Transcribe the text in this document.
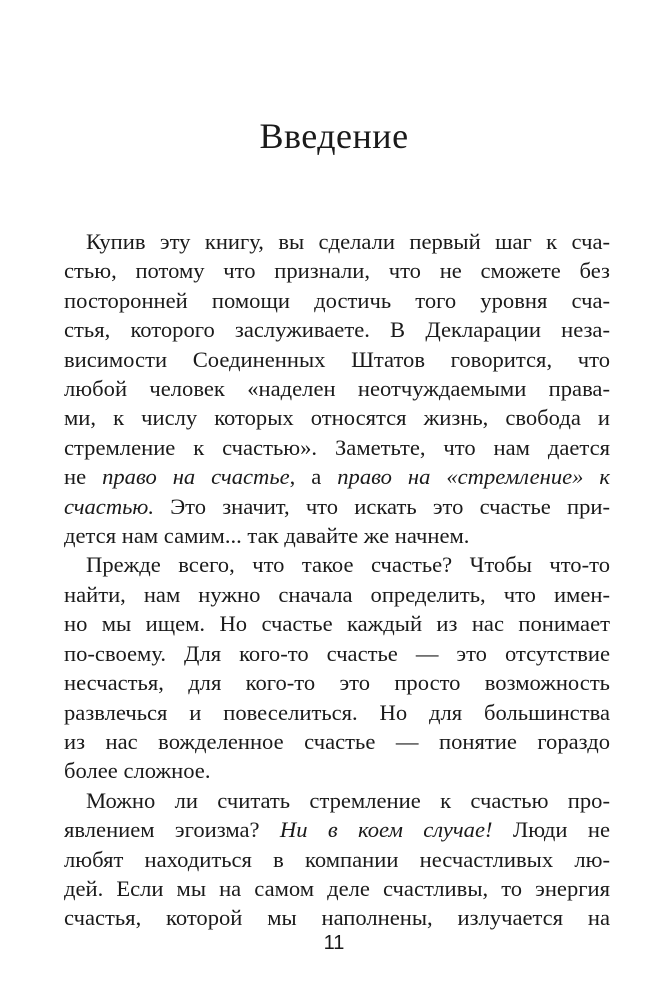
Введение
Купив эту книгу, вы сделали первый шаг к сча-
стью, потому что признали, что не сможете без
посторонней помощи достичь того уровня сча-
стья, которого заслуживаете. В Декларации неза-
висимости Соединенных Штатов говорится, что
любой человек «наделен неотчуждаемыми права-
ми, к числу которых относятся жизнь, свобода и
стремление к счастью». Заметьте, что нам дается
не право на счастье, а право на «стремление» к
счастью. Это значит, что искать это счастье при-
дется нам самим... так давайте же начнем.
Прежде всего, что такое счастье? Чтобы что-то
найти, нам нужно сначала определить, что имен-
но мы ищем. Но счастье каждый из нас понимает
по-своему. Для кого-то счастье — это отсутствие
несчастья, для кого-то это просто возможность
развлечься и повеселиться. Но для большинства
из нас вожделенное счастье — понятие гораздо
более сложное.
Можно ли считать стремление к счастью про-
явлением эгоизма? Ни в коем случае! Люди не
любят находиться в компании несчастливых лю-
дей. Если мы на самом деле счастливы, то энергия
счастья, которой мы наполнены, излучается на
11
